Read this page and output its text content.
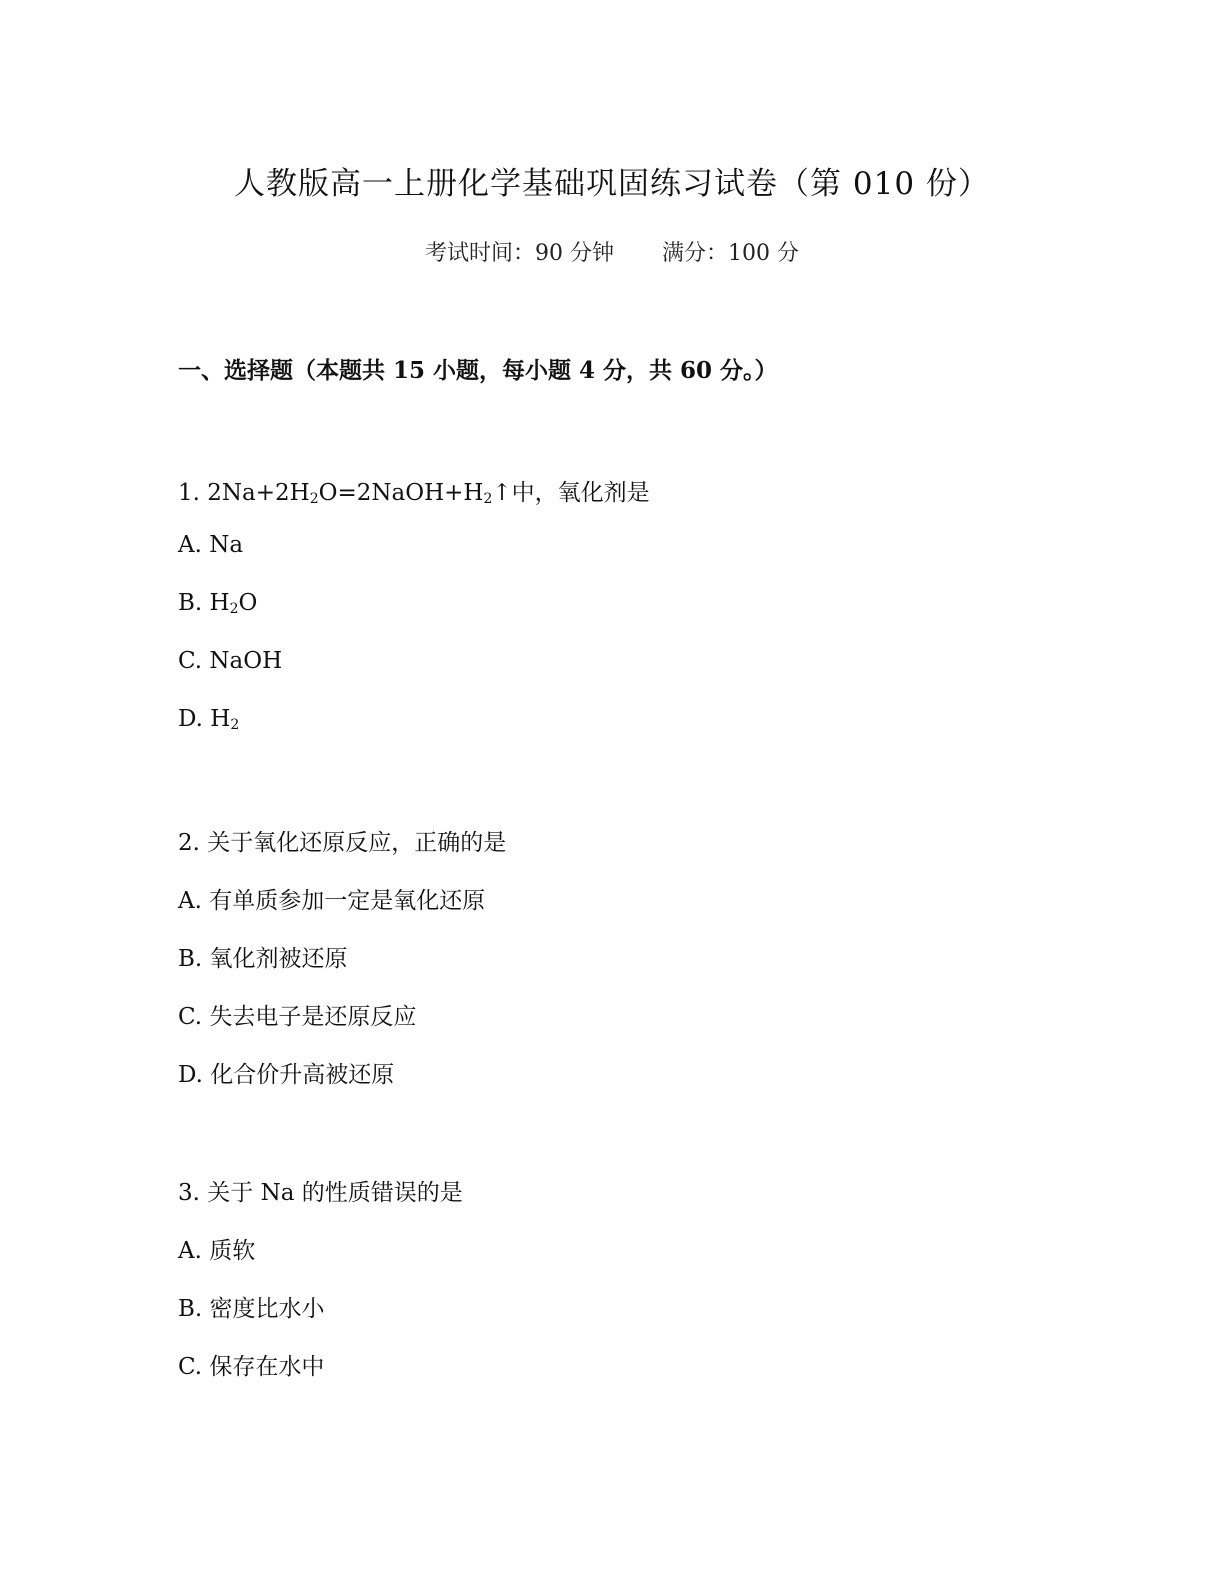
人教版高一上册化学基础巩固练习试卷（第 010 份）
考试时间：90 分钟 满分：100 分
一、选择题（本题共 15 小题，每小题 4 分，共 60 分。）
1. $2Na+2H_2O=2NaOH+H_2↑$中，氧化剂是
A. Na
B. $H_2O$
C. NaOH
D. $H_2$
2. 关于氧化还原反应，正确的是
A. 有单质参加一定是氧化还原
B. 氧化剂被还原
C. 失去电子是还原反应
D. 化合价升高被还原
3. 关于 Na 的性质错误的是
A. 质软
B. 密度比水小
C. 保存在水中
